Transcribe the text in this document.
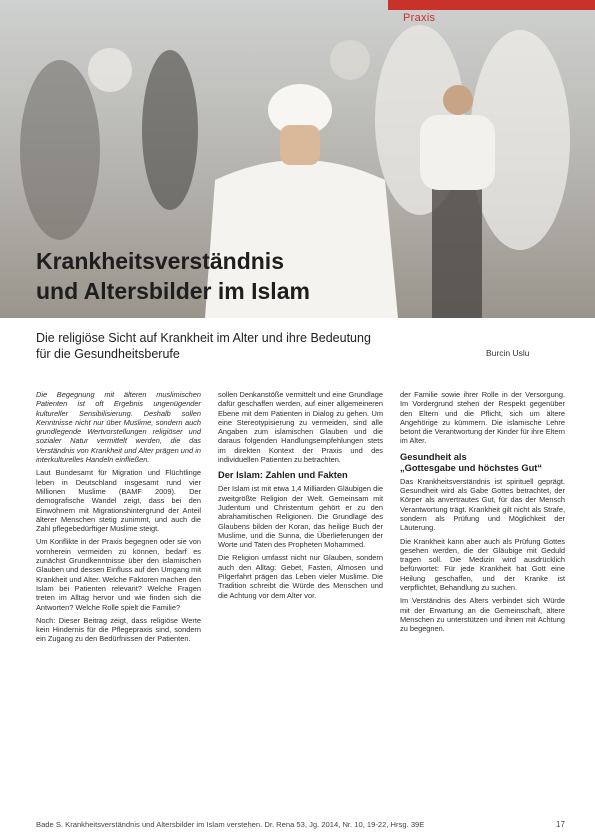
Praxis
Krankheitsverständnis
und Altersbilder im Islam
Die religiöse Sicht auf Krankheit im Alter und ihre Bedeutung
für die Gesundheitsberufe	Burcin Uslu

Die Begegnung mit älteren muslimischen Patienten ist oft Ergebnis ungenügender kultureller Sensibilisierung. Deshalb sollen Kenntnisse nicht nur über Muslime, sondern auch grundlegende Wertvorstellungen religiöser und sozialer Natur vermittelt werden, die das Verständnis von Krankheit und Alter prägen und in interkulturelles Handeln einfließen.

Laut Bundesamt für Migration und Flüchtlinge leben in Deutschland insgesamt rund vier Millionen Muslime (BAMF 2009). Der demografische Wandel zeigt, dass bei den Einwohnern mit Migrationshintergrund der Anteil älterer Menschen stetig zunimmt, und auch die Zahl pflegebedürftiger Muslime steigt.

Um Konflikte in der Praxis begegnen oder sie von vornherein vermeiden zu können, bedarf es zunächst Grundkenntnisse über den islamischen Glauben und dessen Einfluss auf den Umgang mit Krankheit und Alter. Welche Faktoren machen den Islam bei Patienten relevant? Welche Fragen treten im Alltag hervor und wie finden sich die Antworten? Welche Rolle spielt die Familie?

Noch: Dieser Beitrag zeigt, dass religiöse Werte kein Hindernis für die Pflegepraxis sind, sondern ein Zugang zu den Bedürfnissen der Patienten.

sollen Denkanstöße vermittelt und eine Grundlage dafür geschaffen werden, auf einer allgemeineren Ebene mit dem Patienten in Dialog zu gehen. Um eine Stereotypisierung zu vermeiden, sind alle Angaben zum islamischen Glauben und die daraus folgenden Handlungsempfehlungen stets im direkten Kontext der Praxis und des individuellen Patienten zu betrachten.

Der Islam: Zahlen und Fakten

Der Islam ist mit etwa 1,4 Milliarden Gläubigen die zweitgrößte Religion der Welt. Gemeinsam mit Judentum und Christentum gehört er zu den abrahamitischen Religionen. Die Grundlage des Glaubens bilden der Koran, das heilige Buch der Muslime, und die Sunna, die Überlieferungen der Worte und Taten des Propheten Mohammed.

Die Religion umfasst nicht nur Glauben, sondern auch den Alltag: Gebet, Fasten, Almosen und Pilgerfahrt prägen das Leben vieler Muslime. Die Tradition schreibt die Würde des Menschen und die Achtung vor dem Alter vor.

der Familie sowie ihrer Rolle in der Versorgung. Im Vordergrund stehen der Respekt gegenüber den Eltern und die Pflicht, sich um ältere Angehörige zu kümmern. Die islamische Lehre betont die Verantwortung der Kinder für ihre Eltern im Alter.

Gesundheit als
„Gottesgabe und höchstes Gut“

Das Krankheitsverständnis ist spirituell geprägt. Gesundheit wird als Gabe Gottes betrachtet, der Körper als anvertrautes Gut, für das der Mensch Verantwortung trägt. Krankheit gilt nicht als Strafe, sondern als Prüfung und Möglichkeit der Läuterung.

Die Krankheit kann aber auch als Prüfung Gottes gesehen werden, die der Gläubige mit Geduld tragen soll. Die Medizin wird ausdrücklich befürwortet: Für jede Krankheit hat Gott eine Heilung geschaffen, und der Kranke ist verpflichtet, Behandlung zu suchen.

Im Verständnis des Alters verbindet sich Würde mit der Erwartung an die Gemeinschaft, ältere Menschen zu unterstützen und ihnen mit Achtung zu begegnen.

Bade S. Krankheitsverständnis und Altersbilder im Islam verstehen. Dr. Rena 53, Jg. 2014, Nr. 10, 19-22, Hrsg. 39E	17
